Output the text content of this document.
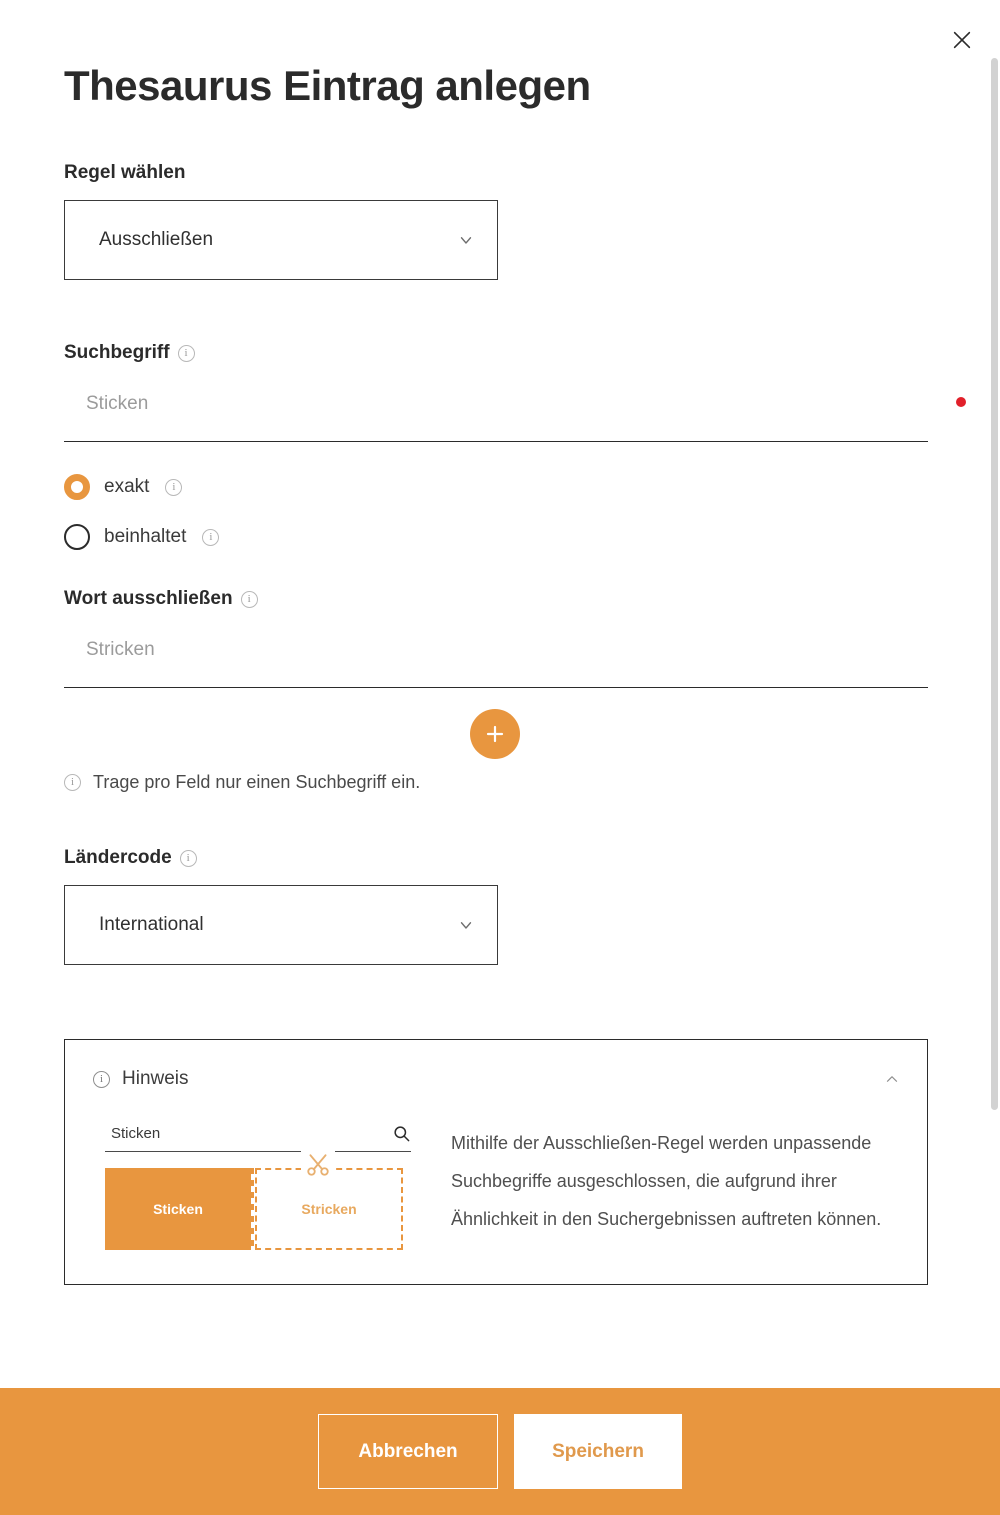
Thesaurus Eintrag anlegen
Regel wählen
Ausschließen
Suchbegriff	i
Sticken
exakt	i
beinhaltet	i
Wort ausschließen	i
Stricken
i	Trage pro Feld nur einen Suchbegriff ein.
Ländercode	i
International
i Hinweis
Sticken
Sticken	Stricken
Mithilfe der Ausschließen-Regel werden unpassende Suchbegriffe ausgeschlossen, die aufgrund ihrer Ähnlichkeit in den Suchergebnissen auftreten können.
Abbrechen	Speichern
